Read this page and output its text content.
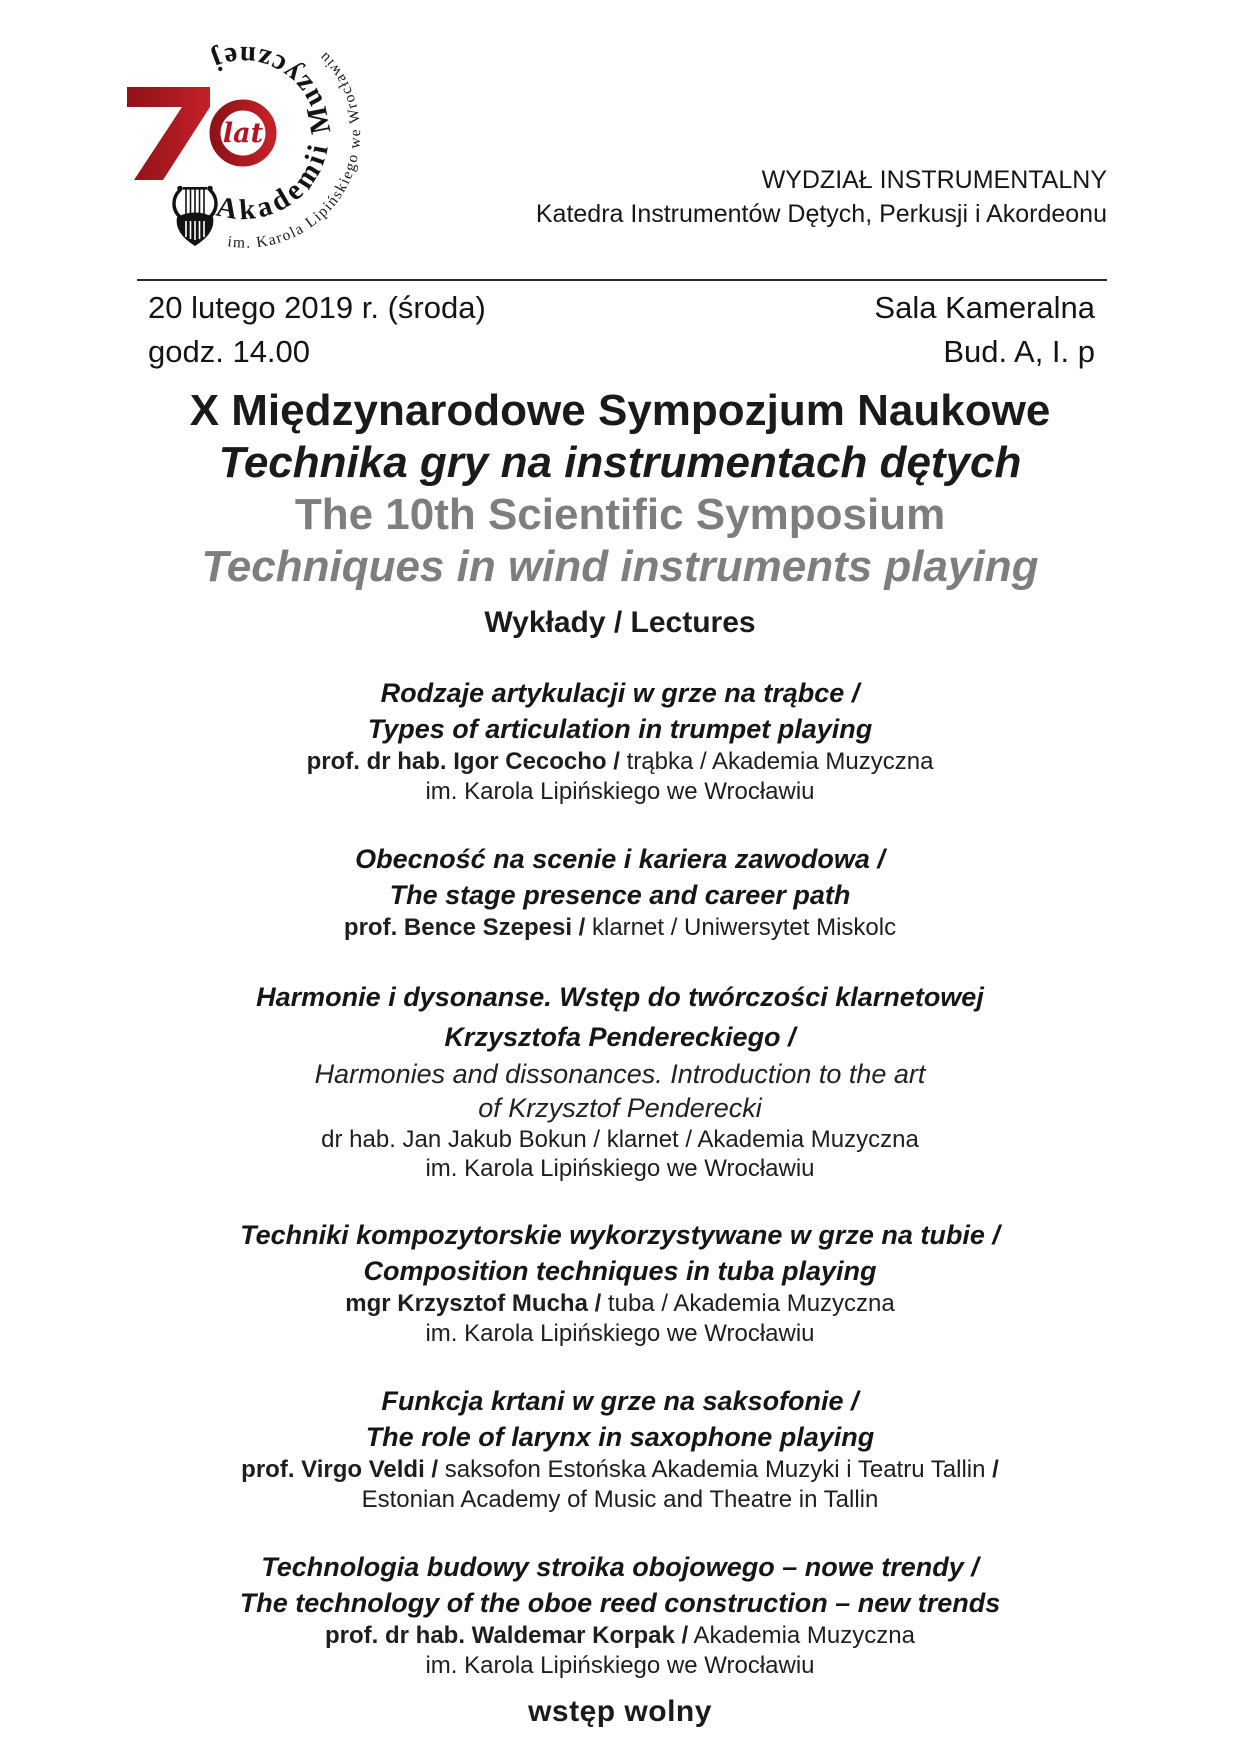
lat
Akademii Muzycznej
im. Karola Lipińskiego we Wrocławiu
WYDZIAŁ INSTRUMENTALNY
Katedra Instrumentów Dętych, Perkusji i Akordeonu
20 lutego 2019 r. (środa)
godz. 14.00
Sala Kameralna
Bud. A, I. p
X Międzynarodowe Sympozjum Naukowe
Technika gry na instrumentach dętych
The 10th Scientific Symposium
Techniques in wind instruments playing
Wykłady / Lectures
Rodzaje artykulacji w grze na trąbce /
Types of articulation in trumpet playing
prof. dr hab. Igor Cecocho / trąbka / Akademia Muzyczna
im. Karola Lipińskiego we Wrocławiu
Obecność na scenie i kariera zawodowa /
The stage presence and career path
prof. Bence Szepesi / klarnet / Uniwersytet Miskolc
Harmonie i dysonanse. Wstęp do twórczości klarnetowej
Krzysztofa Pendereckiego /
Harmonies and dissonances. Introduction to the art
of Krzysztof Penderecki
dr hab. Jan Jakub Bokun / klarnet / Akademia Muzyczna
im. Karola Lipińskiego we Wrocławiu
Techniki kompozytorskie wykorzystywane w grze na tubie /
Composition techniques in tuba playing
mgr Krzysztof Mucha / tuba / Akademia Muzyczna
im. Karola Lipińskiego we Wrocławiu
Funkcja krtani w grze na saksofonie /
The role of larynx in saxophone playing
prof. Virgo Veldi / saksofon Estońska Akademia Muzyki i Teatru Tallin /
Estonian Academy of Music and Theatre in Tallin
Technologia budowy stroika obojowego – nowe trendy /
The technology of the oboe reed construction – new trends
prof. dr hab. Waldemar Korpak / Akademia Muzyczna
im. Karola Lipińskiego we Wrocławiu
wstęp wolny
